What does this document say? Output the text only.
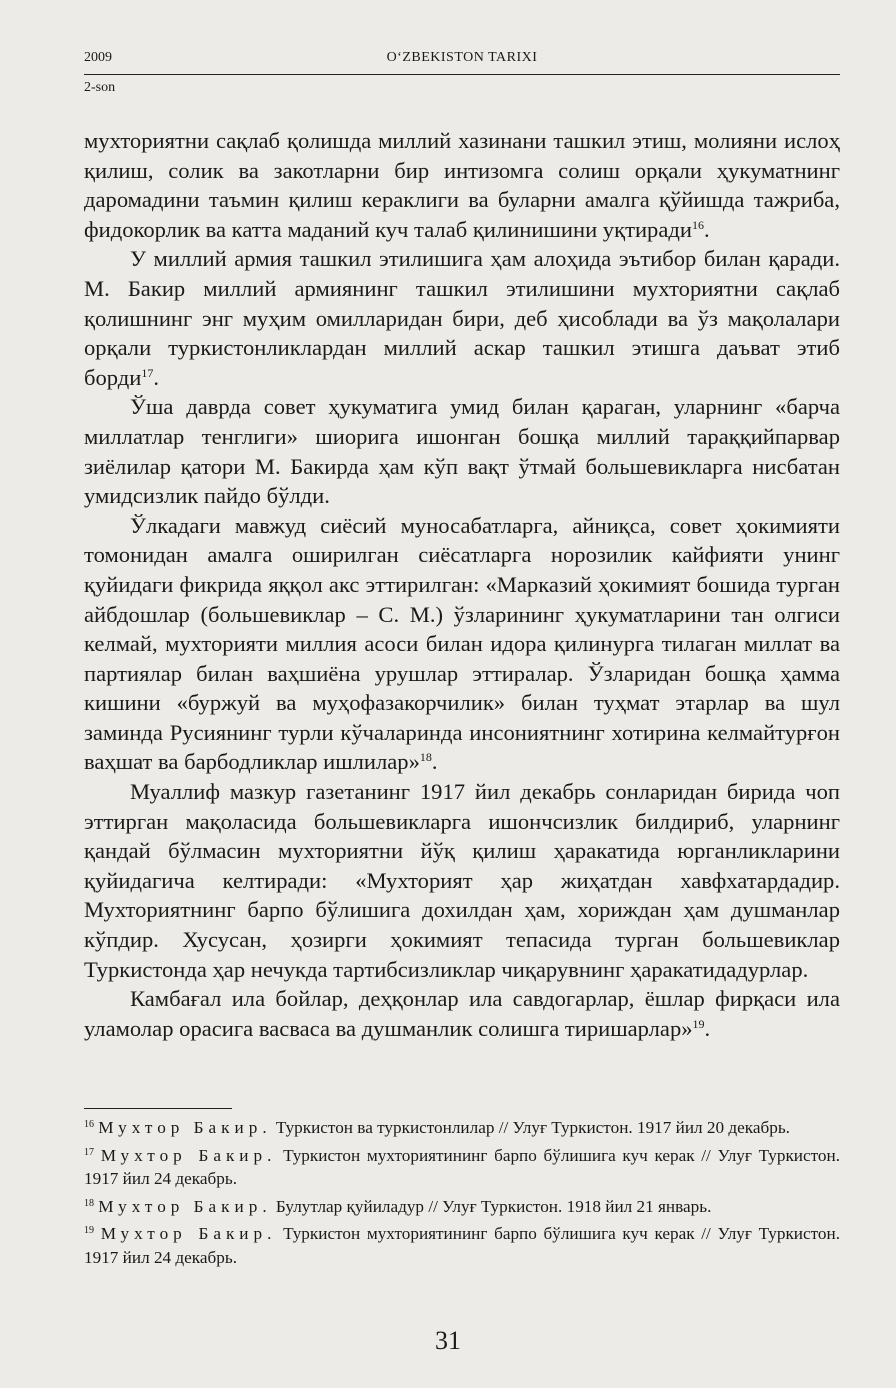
2009	O‘ZBEKISTON TARIXI
2-son

мухториятни сақлаб қолишда миллий хазинани ташкил этиш, молияни ислоҳ қилиш, солик ва закотларни бир интизомга солиш орқали ҳукуматнинг даромадини таъмин қилиш кераклиги ва буларни амалга қўйишда тажриба, фидокорлик ва катта маданий куч талаб қилинишини уқтиради$^{16}$.

У миллий армия ташкил этилишига ҳам алоҳида эътибор билан қаради. М. Бакир миллий армиянинг ташкил этилишини мухториятни сақлаб қолишнинг энг муҳим омилларидан бири, деб ҳисоблади ва ўз мақолалари орқали туркистонликлардан миллий аскар ташкил этишга даъват этиб борди$^{17}$.

Ўша даврда совет ҳукуматига умид билан қараган, уларнинг «барча миллатлар тенглиги» шиорига ишонган бошқа миллий тараққийпарвар зиёлилар қатори М. Бакирда ҳам кўп вақт ўтмай большевикларга нисбатан умидсизлик пайдо бўлди.

Ўлкадаги мавжуд сиёсий муносабатларга, айниқса, совет ҳокимияти томонидан амалга оширилган сиёсатларга норозилик кайфияти унинг қуйидаги фикрида яққол акс эттирилган: «Марказий ҳокимият бошида турган айбдошлар (большевиклар – С. М.) ўзларининг ҳукуматларини тан олгиси келмай, мухторияти миллия асоси билан идора қилинурга тилаган миллат ва партиялар билан ваҳшиёна урушлар эттиралар. Ўзларидан бошқа ҳамма кишини «буржуй ва муҳофазакорчилик» билан туҳмат этарлар ва шул заминда Русиянинг турли кўчаларинда инсониятнинг хотирина келмайтурғон ваҳшат ва барбодликлар ишлилар»$^{18}$.

Муаллиф мазкур газетанинг 1917 йил декабрь сонларидан бирида чоп эттирган мақоласида большевикларга ишончсизлик билдириб, уларнинг қандай бўлмасин мухториятни йўқ қилиш ҳаракатида юрганликларини қуйидагича келтиради: «Мухторият ҳар жиҳатдан хавфхатардадир. Мухториятнинг барпо бўлишига дохилдан ҳам, хориждан ҳам душманлар кўпдир. Хусусан, ҳозирги ҳокимият тепасида турган большевиклар Туркистонда ҳар нечукда тартибсизликлар чиқарувнинг ҳаракатидадурлар.

Камбағал ила бойлар, деҳқонлар ила савдогарлар, ёшлар фирқаси ила уламолар орасига васваса ва душманлик солишга тиришарлар»$^{19}$.

$^{16}$ Мухтор Бакир. Туркистон ва туркистонлилар // Улуғ Туркистон. 1917 йил 20 декабрь.

$^{17}$ Мухтор Бакир. Туркистон мухториятининг барпо бўлишига куч керак // Улуғ Туркистон. 1917 йил 24 декабрь.

$^{18}$ Мухтор Бакир. Булутлар қуйиладур // Улуғ Туркистон. 1918 йил 21 январь.

$^{19}$ Мухтор Бакир. Туркистон мухториятининг барпо бўлишига куч керак // Улуғ Туркистон. 1917 йил 24 декабрь.

31
